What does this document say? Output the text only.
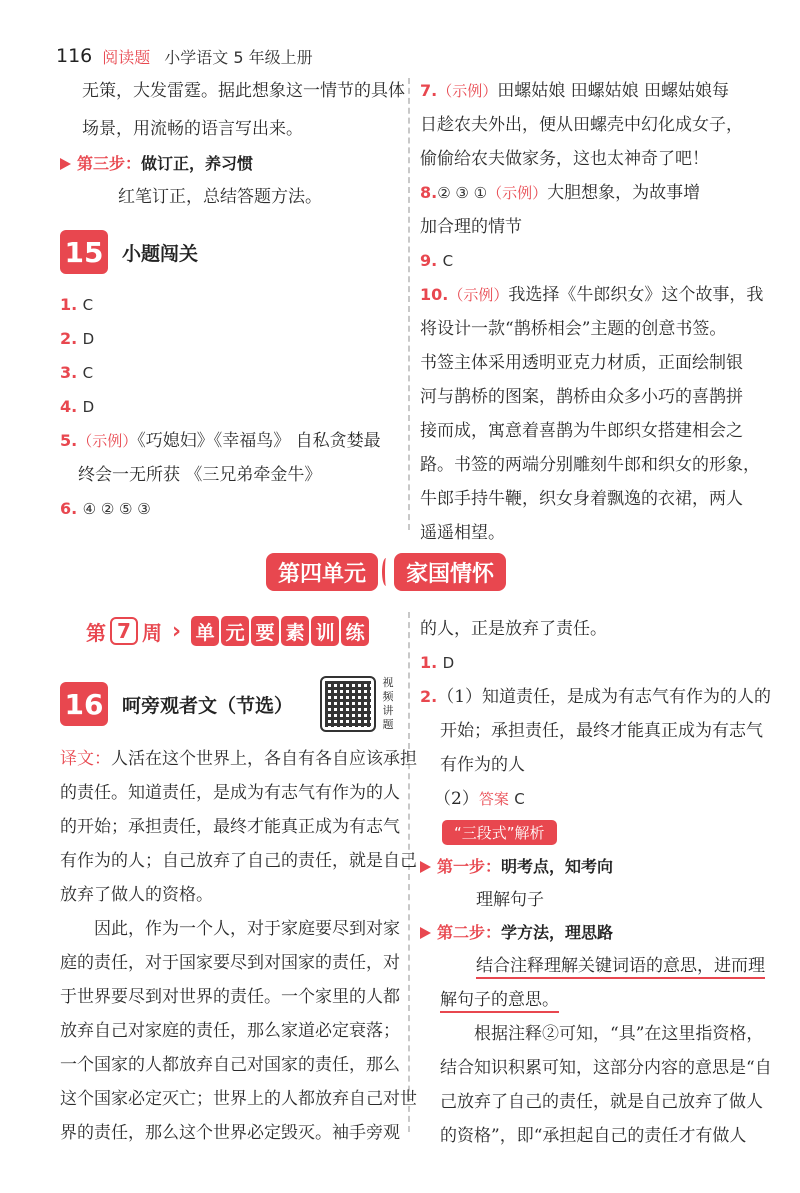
116 阅读题 小学语文 5 年级上册
无策，大发雷霆。据此想象这一情节的具体
场景，用流畅的语言写出来。
第三步： 做订正，养习惯
红笔订正，总结答题方法。
15 小题闯关
1. C
2. D
3. C
4. D
5.（示例）《巧媳妇》《幸福鸟》 自私贪婪最
终会一无所获 《三兄弟牵金牛》
6. ④ ② ⑤ ③
7.（示例）田螺姑娘 田螺姑娘 田螺姑娘每
日趁农夫外出，便从田螺壳中幻化成女子，
偷偷给农夫做家务，这也太神奇了吧！
8.② ③ ①（示例）大胆想象，为故事增
加合理的情节
9. C
10.（示例）我选择《牛郎织女》这个故事，我
将设计一款“鹊桥相会”主题的创意书签。
书签主体采用透明亚克力材质，正面绘制银
河与鹊桥的图案，鹊桥由众多小巧的喜鹊拼
接而成，寓意着喜鹊为牛郎织女搭建相会之
路。书签的两端分别雕刻牛郎和织女的形象，
牛郎手持牛鞭，织女身着飘逸的衣裙，两人
遥遥相望。
第四单元	家国情怀
第 7 周 › 单 元 要 素 训 练
16 呵旁观者文（节选）
视
频
讲
题
译文：人活在这个世界上，各自有各自应该承担
的责任。知道责任，是成为有志气有作为的人
的开始；承担责任，最终才能真正成为有志气
有作为的人；自己放弃了自己的责任，就是自己
放弃了做人的资格。
因此，作为一个人，对于家庭要尽到对家
庭的责任，对于国家要尽到对国家的责任，对
于世界要尽到对世界的责任。一个家里的人都
放弃自己对家庭的责任，那么家道必定衰落；
一个国家的人都放弃自己对国家的责任，那么
这个国家必定灭亡；世界上的人都放弃自己对世
界的责任，那么这个世界必定毁灭。袖手旁观
的人，正是放弃了责任。
1. D
2.（1）知道责任，是成为有志气有作为的人的
开始；承担责任，最终才能真正成为有志气
有作为的人
（2）答案 C
“三段式”解析
第一步： 明考点，知考向
理解句子
第二步： 学方法，理思路
结合注释理解关键词语的意思，进而理
解句子的意思。
根据注释②可知，“具”在这里指资格，
结合知识积累可知，这部分内容的意思是“自
己放弃了自己的责任，就是自己放弃了做人
的资格”，即“承担起自己的责任才有做人
